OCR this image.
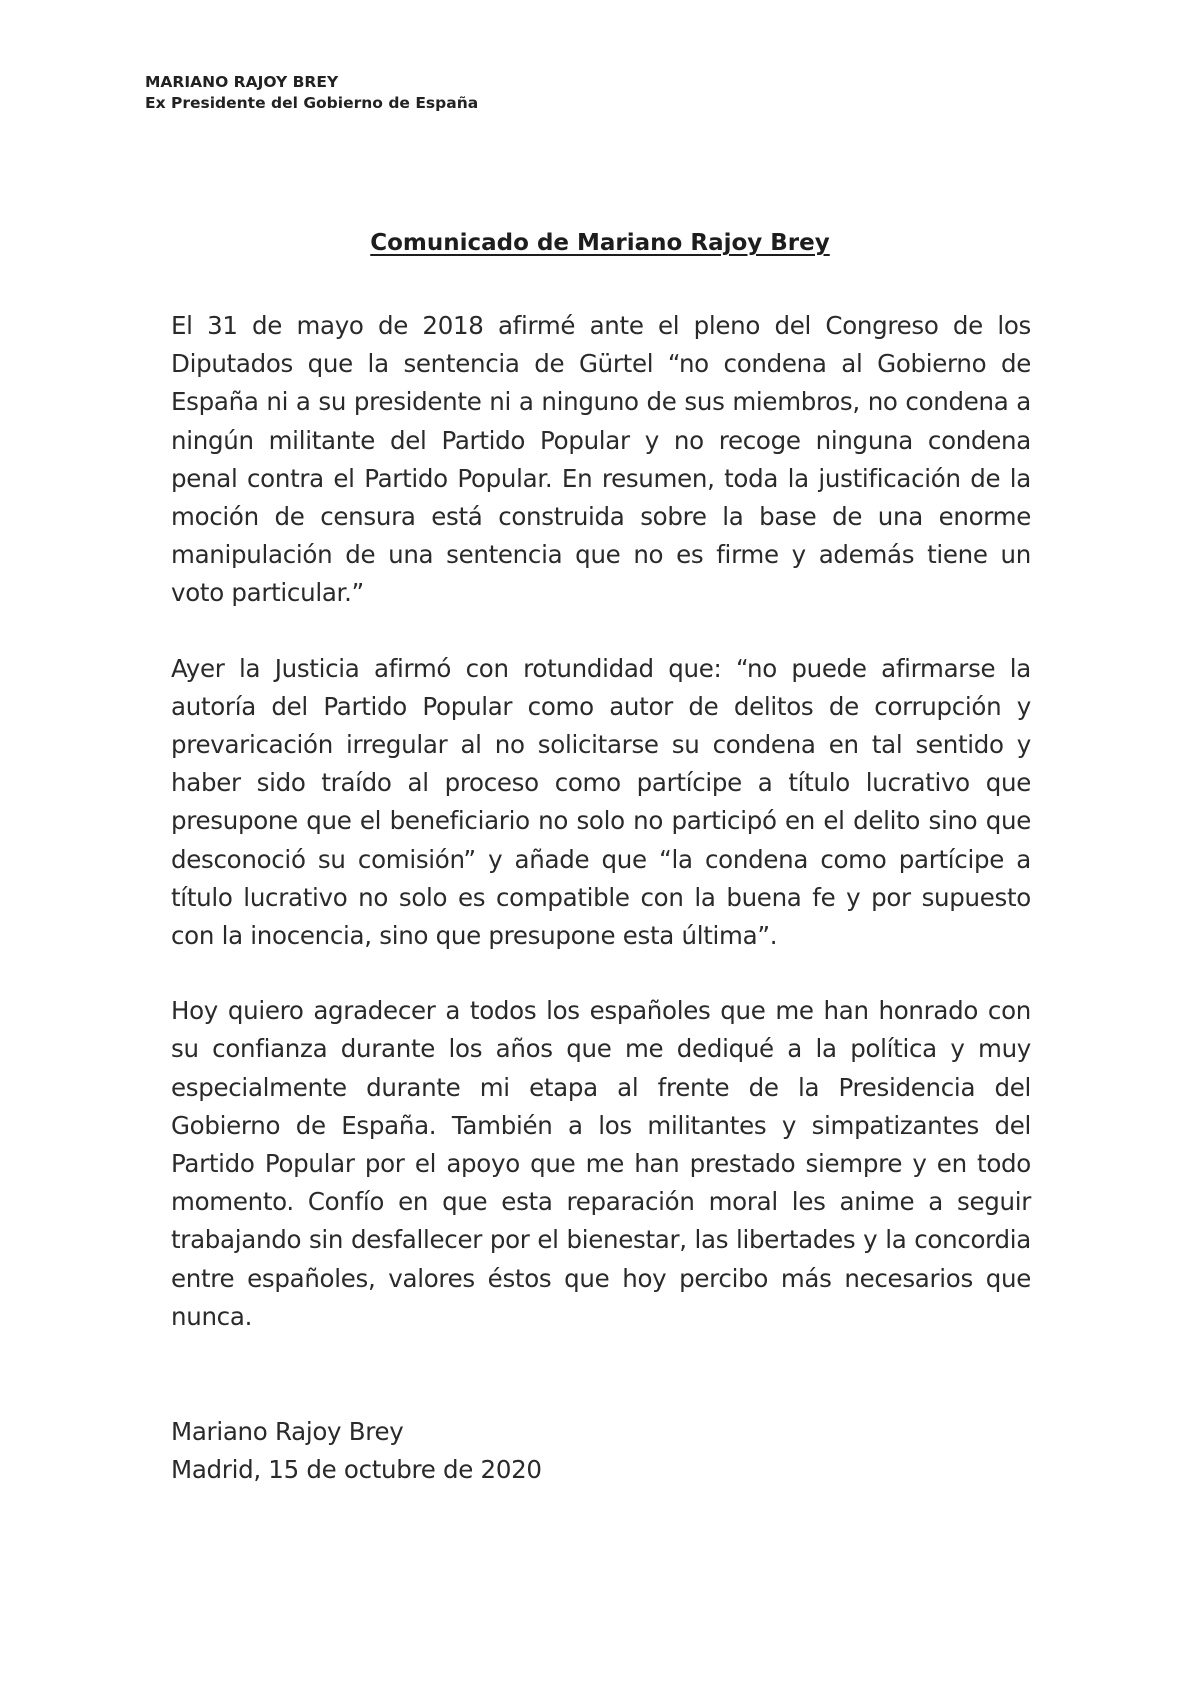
MARIANO RAJOY BREY
Ex Presidente del Gobierno de España
Comunicado de Mariano Rajoy Brey

El 31 de mayo de 2018 afirmé ante el pleno del Congreso de los Diputados que la sentencia de Gürtel “no condena al Gobierno de España ni a su presidente ni a ninguno de sus miembros, no condena a ningún militante del Partido Popular y no recoge ninguna condena penal contra el Partido Popular. En resumen, toda la justificación de la moción de censura está construida sobre la base de una enorme manipulación de una sentencia que no es firme y además tiene un voto particular.”

Ayer la Justicia afirmó con rotundidad que: “no puede afirmarse la autoría del Partido Popular como autor de delitos de corrupción y prevaricación irregular al no solicitarse su condena en tal sentido y haber sido traído al proceso como partícipe a título lucrativo que presupone que el beneficiario no solo no participó en el delito sino que desconoció su comisión” y añade que “la condena como partícipe a título lucrativo no solo es compatible con la buena fe y por supuesto con la inocencia, sino que presupone esta última”.

Hoy quiero agradecer a todos los españoles que me han honrado con su confianza durante los años que me dediqué a la política y muy especialmente durante mi etapa al frente de la Presidencia del Gobierno de España. También a los militantes y simpatizantes del Partido Popular por el apoyo que me han prestado siempre y en todo momento. Confío en que esta reparación moral les anime a seguir trabajando sin desfallecer por el bienestar, las libertades y la concordia entre españoles, valores éstos que hoy percibo más necesarios que nunca.

Mariano Rajoy Brey
Madrid, 15 de octubre de 2020
